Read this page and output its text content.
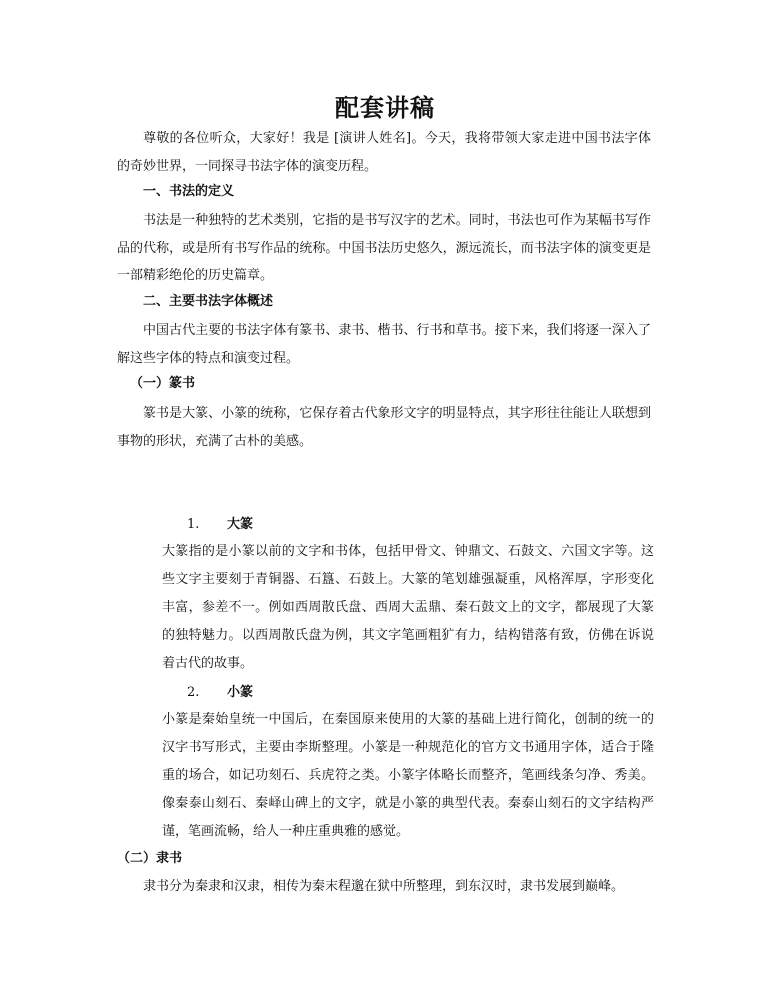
配套讲稿
尊敬的各位听众，大家好！我是 [演讲人姓名]。今天，我将带领大家走进中国书法字体的奇妙世界，一同探寻书法字体的演变历程。
一、书法的定义
书法是一种独特的艺术类别，它指的是书写汉字的艺术。同时，书法也可作为某幅书写作品的代称，或是所有书写作品的统称。中国书法历史悠久，源远流长，而书法字体的演变更是一部精彩绝伦的历史篇章。
二、主要书法字体概述
中国古代主要的书法字体有篆书、隶书、楷书、行书和草书。接下来，我们将逐一深入了解这些字体的特点和演变过程。
（一）篆书
篆书是大篆、小篆的统称，它保存着古代象形文字的明显特点，其字形往往能让人联想到事物的形状，充满了古朴的美感。
1. 大篆
大篆指的是小篆以前的文字和书体，包括甲骨文、钟鼎文、石鼓文、六国文字等。这些文字主要刻于青铜器、石簋、石鼓上。大篆的笔划雄强凝重，风格浑厚，字形变化丰富，参差不一。例如西周散氏盘、西周大盂鼎、秦石鼓文上的文字，都展现了大篆的独特魅力。以西周散氏盘为例，其文字笔画粗犷有力，结构错落有致，仿佛在诉说着古代的故事。
2. 小篆
小篆是秦始皇统一中国后，在秦国原来使用的大篆的基础上进行简化，创制的统一的汉字书写形式，主要由李斯整理。小篆是一种规范化的官方文书通用字体，适合于隆重的场合，如记功刻石、兵虎符之类。小篆字体略长而整齐，笔画线条匀净、秀美。像秦泰山刻石、秦峄山碑上的文字，就是小篆的典型代表。秦泰山刻石的文字结构严谨，笔画流畅，给人一种庄重典雅的感觉。
（二）隶书
隶书分为秦隶和汉隶，相传为秦末程邈在狱中所整理，到东汉时，隶书发展到巅峰。
